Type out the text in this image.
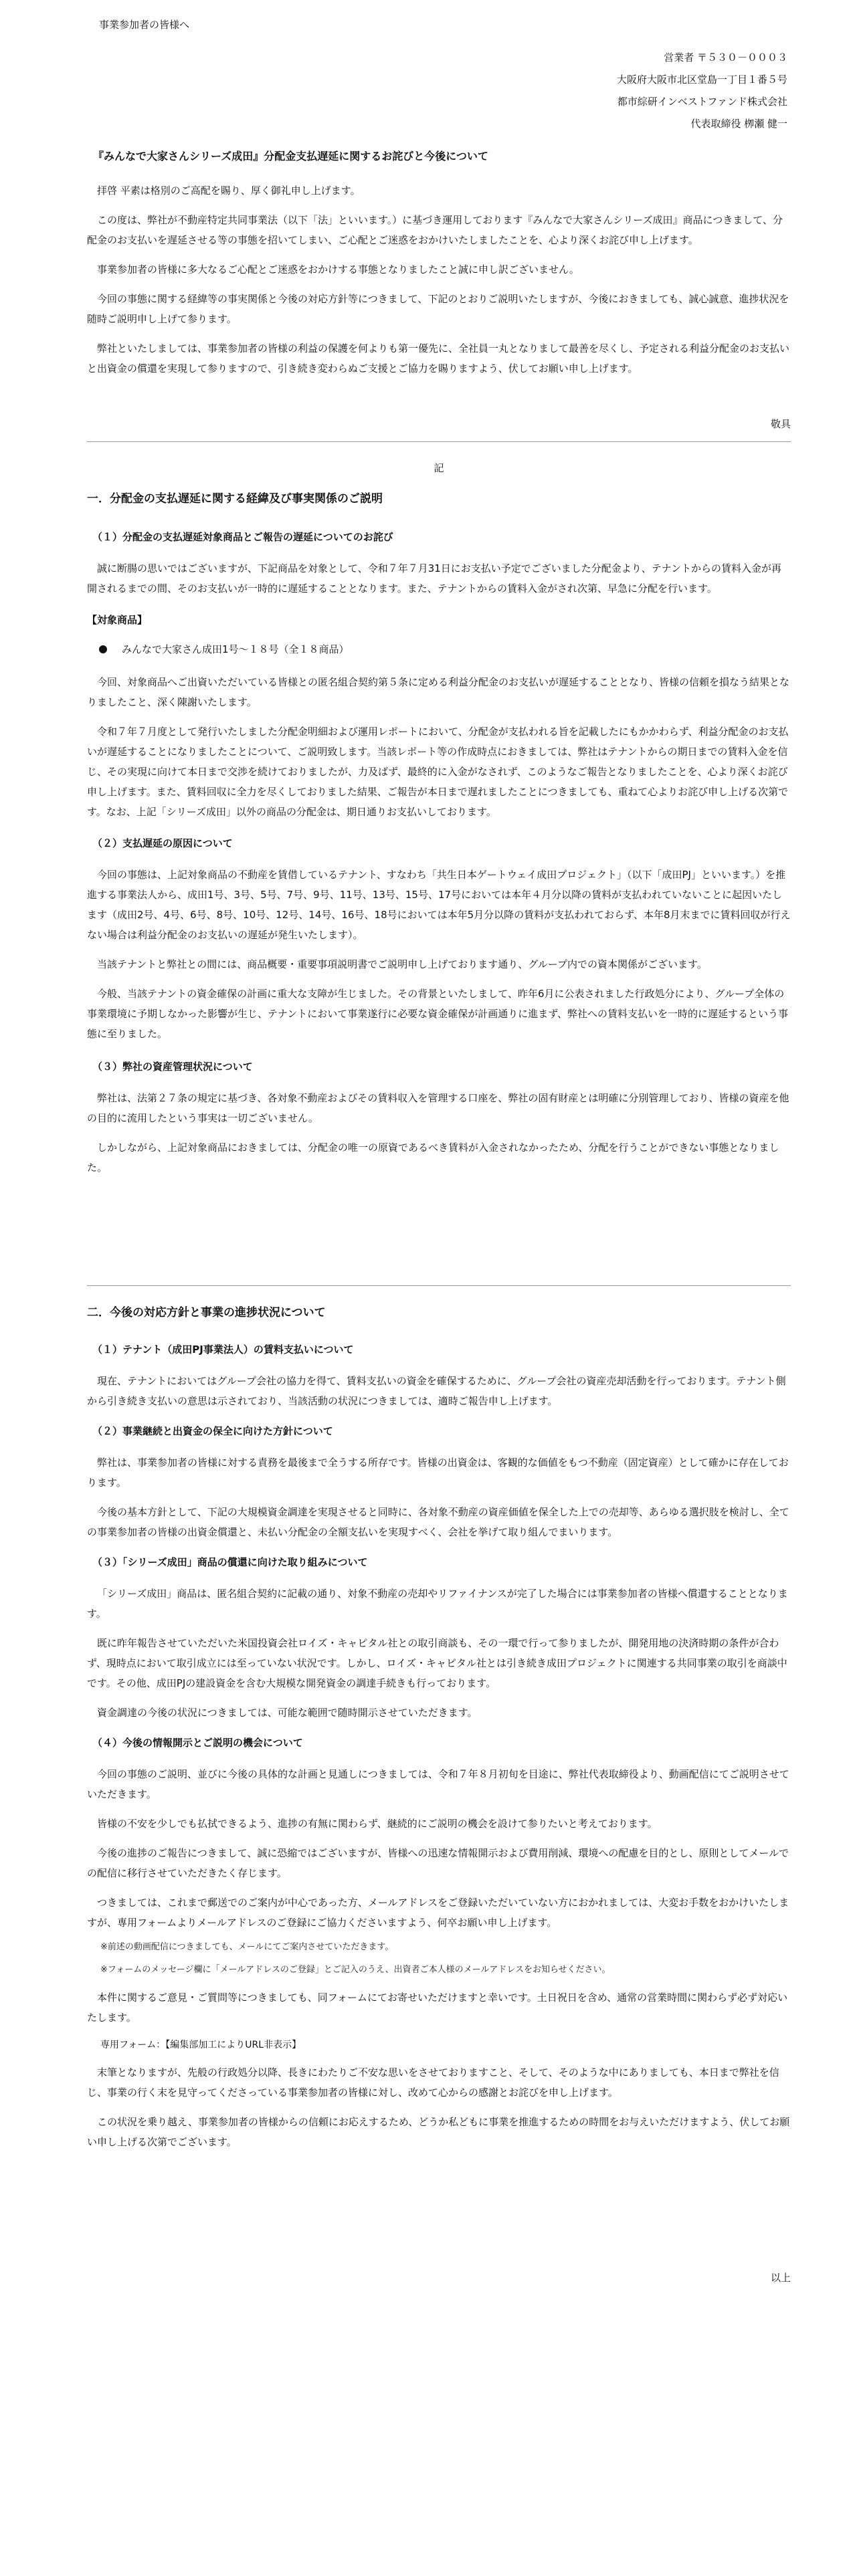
事業参加者の皆様へ
営業者 〒５３０－０００３
大阪府大阪市北区堂島一丁目１番５号
都市綜研インベストファンド株式会社
代表取締役 栁瀬 健一
『みんなで大家さんシリーズ成田』分配金支払遅延に関するお詫びと今後について

拝啓 平素は格別のご高配を賜り、厚く御礼申し上げます。

この度は、弊社が不動産特定共同事業法（以下「法」といいます。）に基づき運用しております『みんなで大家さんシリーズ成田』商品につきまして、分配金のお支払いを遅延させる等の事態を招いてしまい、ご心配とご迷惑をおかけいたしましたことを、心より深くお詫び申し上げます。

事業参加者の皆様に多大なるご心配とご迷惑をおかけする事態となりましたこと誠に申し訳ございません。

今回の事態に関する経緯等の事実関係と今後の対応方針等につきまして、下記のとおりご説明いたしますが、今後におきましても、誠心誠意、進捗状況を随時ご説明申し上げて参ります。

弊社といたしましては、事業参加者の皆様の利益の保護を何よりも第一優先に、全社員一丸となりまして最善を尽くし、予定される利益分配金のお支払いと出資金の償還を実現して参りますので、引き続き変わらぬご支援とご協力を賜りますよう、伏してお願い申し上げます。

敬具
記
一．分配金の支払遅延に関する経緯及び事実関係のご説明
（１）分配金の支払遅延対象商品とご報告の遅延についてのお詫び

誠に断腸の思いではございますが、下記商品を対象として、令和７年７月31日にお支払い予定でございました分配金より、テナントからの賃料入金が再開されるまでの間、そのお支払いが一時的に遅延することとなります。また、テナントからの賃料入金がされ次第、早急に分配を行います。

【対象商品】
みんなで大家さん成田1号～１８号（全１８商品）

今回、対象商品へご出資いただいている皆様との匿名組合契約第５条に定める利益分配金のお支払いが遅延することとなり、皆様の信頼を損なう結果となりましたこと、深く陳謝いたします。

令和７年７月度として発行いたしました分配金明細および運用レポートにおいて、分配金が支払われる旨を記載したにもかかわらず、利益分配金のお支払いが遅延することになりましたことについて、ご説明致します。当該レポート等の作成時点におきましては、弊社はテナントからの期日までの賃料入金を信じ、その実現に向けて本日まで交渉を続けておりましたが、力及ばず、最終的に入金がなされず、このようなご報告となりましたことを、心より深くお詫び申し上げます。また、賃料回収に全力を尽くしておりました結果、ご報告が本日まで遅れましたことにつきましても、重ねて心よりお詫び申し上げる次第です。なお、上記「シリーズ成田」以外の商品の分配金は、期日通りお支払いしております。

（２）支払遅延の原因について

今回の事態は、上記対象商品の不動産を賃借しているテナント、すなわち「共生日本ゲートウェイ成田プロジェクト」（以下「成田PJ」といいます。）を推進する事業法人から、成田1号、3号、5号、7号、9号、11号、13号、15号、17号においては本年４月分以降の賃料が支払われていないことに起因いたします（成田2号、4号、6号、8号、10号、12号、14号、16号、18号においては本年5月分以降の賃料が支払われておらず、本年8月末までに賃料回収が行えない場合は利益分配金のお支払いの遅延が発生いたします）。

当該テナントと弊社との間には、商品概要・重要事項説明書でご説明申し上げております通り、グループ内での資本関係がございます。

今般、当該テナントの資金確保の計画に重大な支障が生じました。その背景といたしまして、昨年6月に公表されました行政処分により、グループ全体の事業環境に予期しなかった影響が生じ、テナントにおいて事業遂行に必要な資金確保が計画通りに進まず、弊社への賃料支払いを一時的に遅延するという事態に至りました。

（３）弊社の資産管理状況について

弊社は、法第２７条の規定に基づき、各対象不動産およびその賃料収入を管理する口座を、弊社の固有財産とは明確に分別管理しており、皆様の資産を他の目的に流用したという事実は一切ございません。

しかしながら、上記対象商品におきましては、分配金の唯一の原資であるべき賃料が入金されなかったため、分配を行うことができない事態となりました。

二．今後の対応方針と事業の進捗状況について
（１）テナント（成田PJ事業法人）の賃料支払いについて

現在、テナントにおいてはグループ会社の協力を得て、賃料支払いの資金を確保するために、グループ会社の資産売却活動を行っております。テナント側から引き続き支払いの意思は示されており、当該活動の状況につきましては、適時ご報告申し上げます。

（２）事業継続と出資金の保全に向けた方針について

弊社は、事業参加者の皆様に対する責務を最後まで全うする所存です。皆様の出資金は、客観的な価値をもつ不動産（固定資産）として確かに存在しております。

今後の基本方針として、下記の大規模資金調達を実現させると同時に、各対象不動産の資産価値を保全した上での売却等、あらゆる選択肢を検討し、全ての事業参加者の皆様の出資金償還と、未払い分配金の全額支払いを実現すべく、会社を挙げて取り組んでまいります。

（３）「シリーズ成田」商品の償還に向けた取り組みについて

「シリーズ成田」商品は、匿名組合契約に記載の通り、対象不動産の売却やリファイナンスが完了した場合には事業参加者の皆様へ償還することとなります。

既に昨年報告させていただいた米国投資会社ロイズ・キャピタル社との取引商談も、その一環で行って参りましたが、開発用地の決済時期の条件が合わず、現時点において取引成立には至っていない状況です。しかし、ロイズ・キャピタル社とは引き続き成田プロジェクトに関連する共同事業の取引を商談中です。その他、成田PJの建設資金を含む大規模な開発資金の調達手続きも行っております。

資金調達の今後の状況につきましては、可能な範囲で随時開示させていただきます。

（４）今後の情報開示とご説明の機会について

今回の事態のご説明、並びに今後の具体的な計画と見通しにつきましては、令和７年８月初旬を目途に、弊社代表取締役より、動画配信にてご説明させていただきます。

皆様の不安を少しでも払拭できるよう、進捗の有無に関わらず、継続的にご説明の機会を設けて参りたいと考えております。

今後の進捗のご報告につきまして、誠に恐縮ではございますが、皆様への迅速な情報開示および費用削減、環境への配慮を目的とし、原則としてメールでの配信に移行させていただきたく存じます。

つきましては、これまで郵送でのご案内が中心であった方、メールアドレスをご登録いただいていない方におかれましては、大変お手数をおかけいたしますが、専用フォームよりメールアドレスのご登録にご協力くださいますよう、何卒お願い申し上げます。

※前述の動画配信につきましても、メールにてご案内させていただきます。
※フォームのメッセージ欄に「メールアドレスのご登録」とご記入のうえ、出資者ご本人様のメールアドレスをお知らせください。

本件に関するご意見・ご質問等につきましても、同フォームにてお寄せいただけますと幸いです。土日祝日を含め、通常の営業時間に関わらず必ず対応いたします。

専用フォーム：【編集部加工によりURL非表示】

末筆となりますが、先般の行政処分以降、長きにわたりご不安な思いをさせておりますこと、そして、そのような中にありましても、本日まで弊社を信じ、事業の行く末を見守ってくださっている事業参加者の皆様に対し、改めて心からの感謝とお詫びを申し上げます。

この状況を乗り越え、事業参加者の皆様からの信頼にお応えするため、どうか私どもに事業を推進するための時間をお与えいただけますよう、伏してお願い申し上げる次第でございます。

以上
